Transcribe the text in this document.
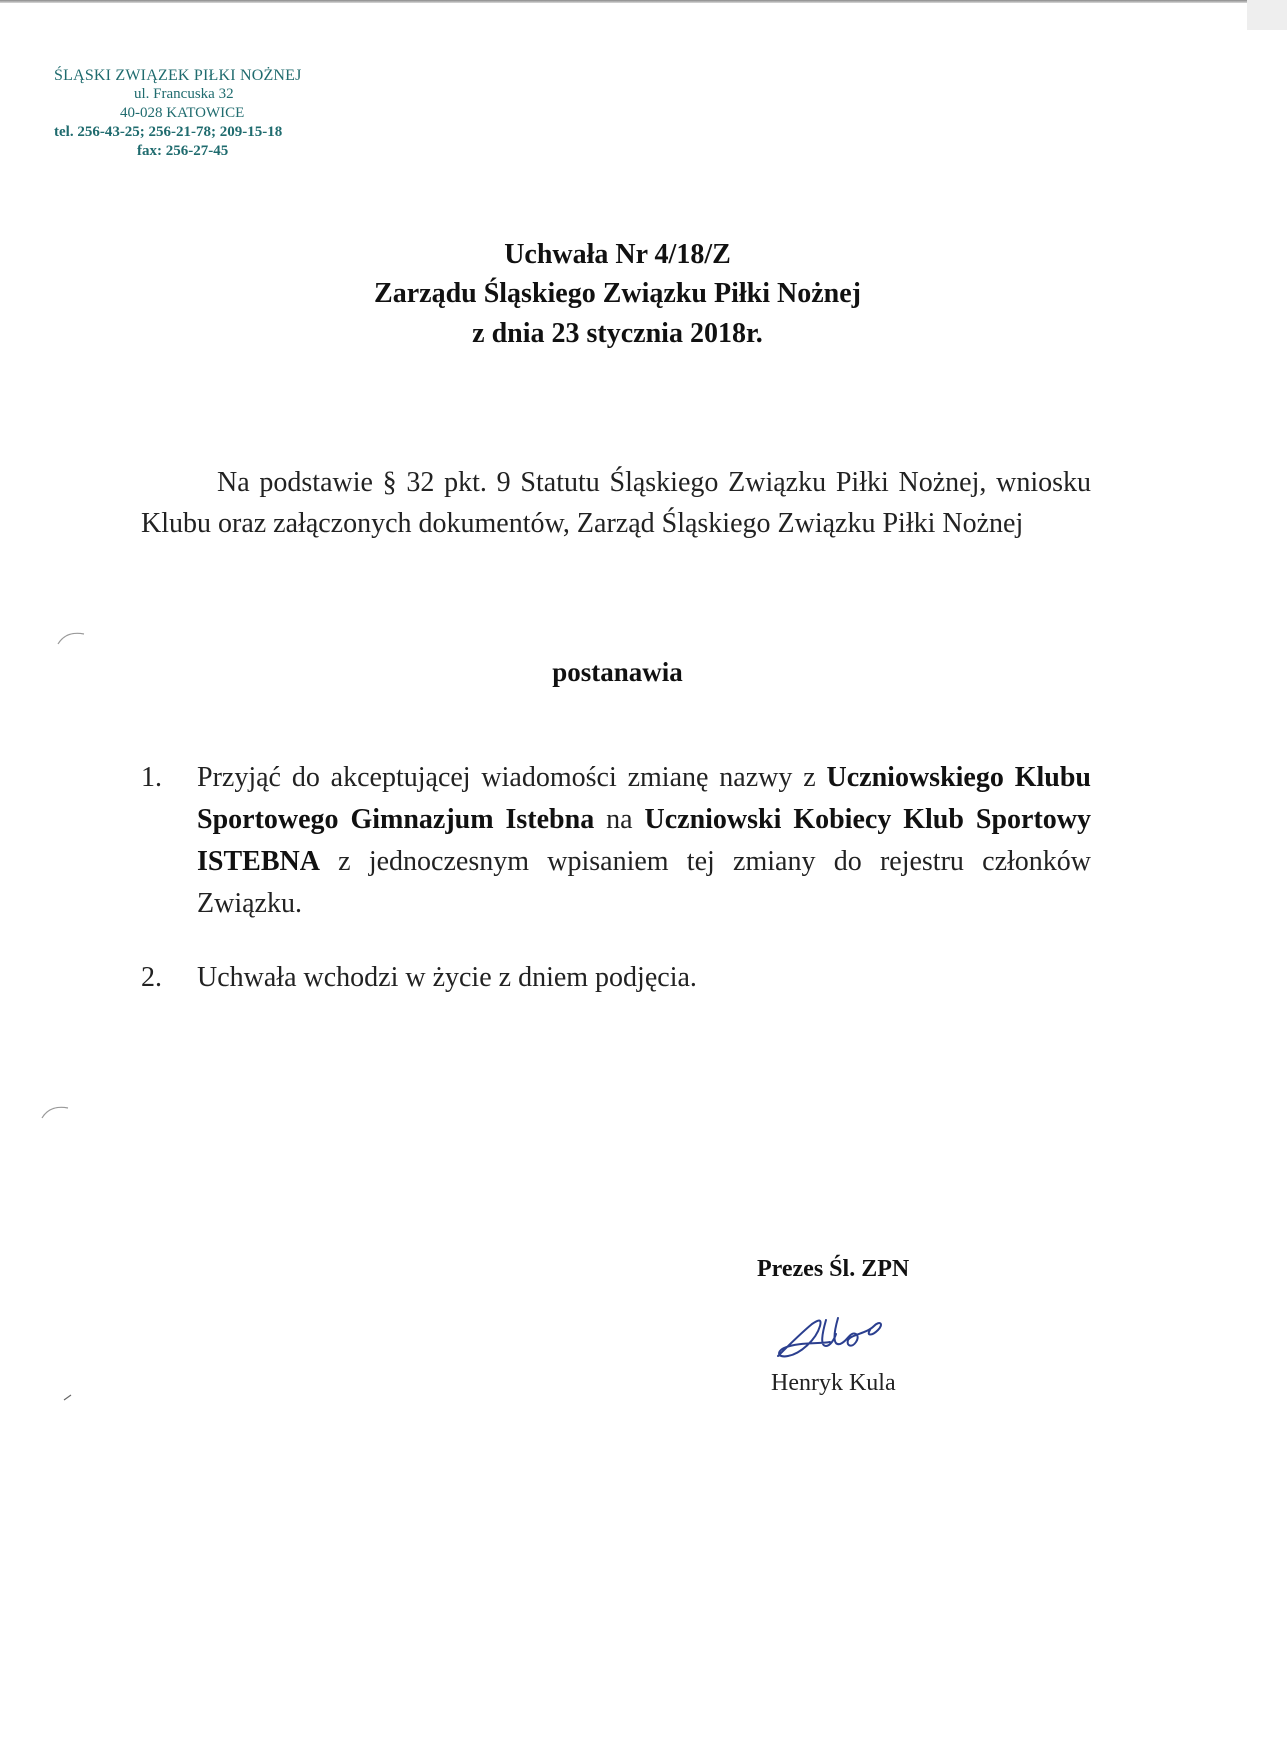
ŚLĄSKI ZWIĄZEK PIŁKI NOŻNEJ
ul. Francuska 32
40-028 KATOWICE
tel. 256-43-25; 256-21-78; 209-15-18
fax: 256-27-45
Uchwała Nr 4/18/Z
Zarządu Śląskiego Związku Piłki Nożnej
z dnia 23 stycznia 2018r.
Na podstawie § 32 pkt. 9 Statutu Śląskiego Związku Piłki Nożnej, wniosku Klubu oraz załączonych dokumentów, Zarząd Śląskiego Związku Piłki Nożnej
postanawia
1. Przyjąć do akceptującej wiadomości zmianę nazwy z Uczniowskiego Klubu Sportowego Gimnazjum Istebna na Uczniowski Kobiecy Klub Sportowy ISTEBNA z jednoczesnym wpisaniem tej zmiany do rejestru członków Związku.
2. Uchwała wchodzi w życie z dniem podjęcia.
Prezes Śl. ZPN
Henryk Kula
